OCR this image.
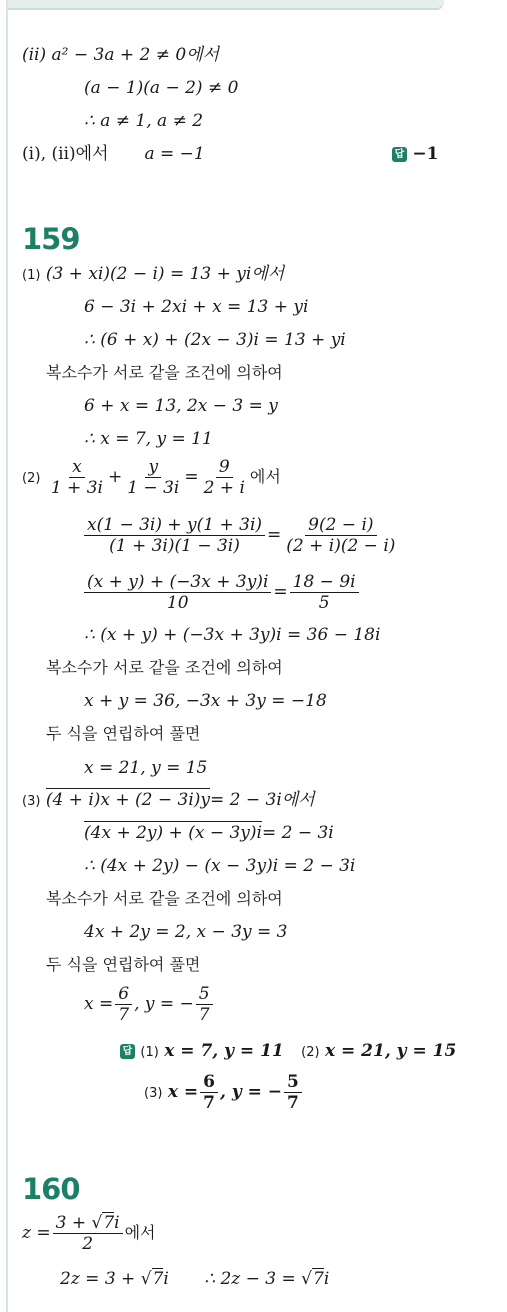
(ⅱ) a² − 3a + 2 ≠ 0에서
(a − 1)(a − 2) ≠ 0
∴ a ≠ 1, a ≠ 2
(ⅰ), (ⅱ)에서 a = −1	답 −1
159
(1) (3 + xi)(2 − i) = 13 + yi에서
6 − 3i + 2xi + x = 13 + yi
∴ (6 + x) + (2x − 3)i = 13 + yi
복소수가 서로 같을 조건에 의하여
6 + x = 13, 2x − 3 = y
∴ x = 7, y = 11
$(2) \frac{x}{1 + 3i} + \frac{y}{1 - 3i} = \frac{9}{2 + i}$ 에서
$\frac{x(1 - 3i) + y(1 + 3i)}{(1 + 3i)(1 - 3i)} = \frac{9(2 - i)}{(2 + i)(2 - i)}$
$\frac{(x + y) + (-3x + 3y)i}{10} = \frac{18 - 9i}{5}$
∴ (x + y) + (−3x + 3y)i = 36 − 18i
복소수가 서로 같을 조건에 의하여
x + y = 36, −3x + 3y = −18
두 식을 연립하여 풀면
x = 21, y = 15
(3) (4 + i)x + (2 − 3i)y= 2 − 3i에서
(4x + 2y) + (x − 3y)i= 2 − 3i
∴ (4x + 2y) − (x − 3y)i = 2 − 3i
복소수가 서로 같을 조건에 의하여
4x + 2y = 2, x − 3y = 3
두 식을 연립하여 풀면
$x = \frac{6}{7}$ , y = − $\frac{5}{7}$
답 (1) x = 7, y = 11 (2) x = 21, y = 15
(3) $x = \frac{6}{7}$ , y = − $\frac{5}{7}$
160
$z = \frac{3 + √7i}{2}$ 에서
2z = 3 + √7i ∴ 2z − 3 = √7i
